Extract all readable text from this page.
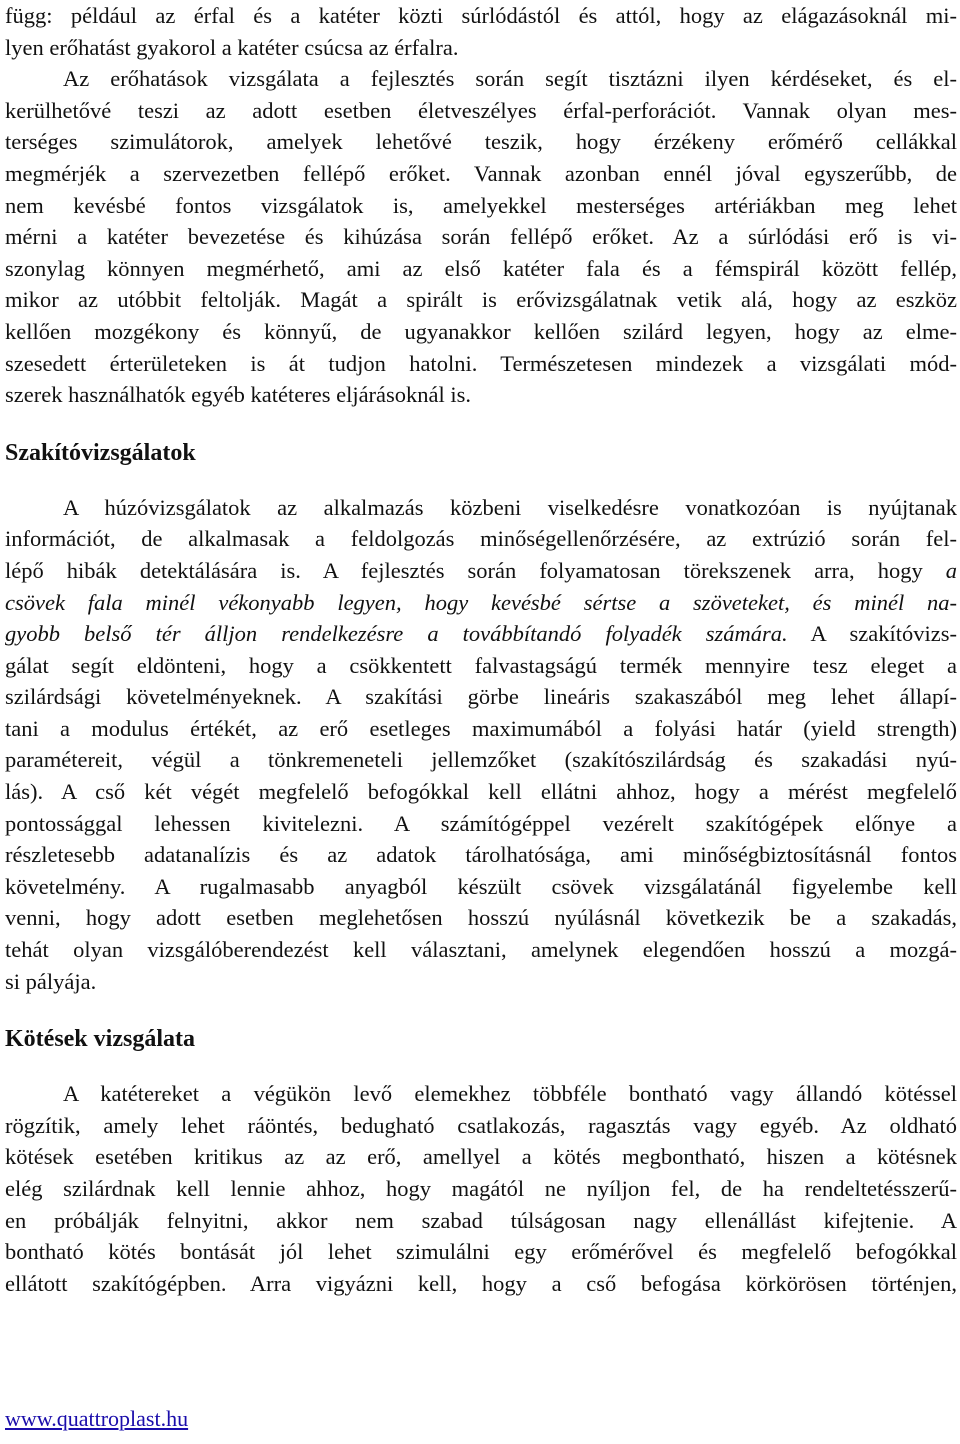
függ: például az érfal és a katéter közti súrlódástól és attól, hogy az elágazásoknál mi-
lyen erőhatást gyakorol a katéter csúcsa az érfalra.
Az erőhatások vizsgálata a fejlesztés során segít tisztázni ilyen kérdéseket, és el-
kerülhetővé teszi az adott esetben életveszélyes érfal-perforációt. Vannak olyan mes-
terséges szimulátorok, amelyek lehetővé teszik, hogy érzékeny erőmérő cellákkal
megmérjék a szervezetben fellépő erőket. Vannak azonban ennél jóval egyszerűbb, de
nem kevésbé fontos vizsgálatok is, amelyekkel mesterséges artériákban meg lehet
mérni a katéter bevezetése és kihúzása során fellépő erőket. Az a súrlódási erő is vi-
szonylag könnyen megmérhető, ami az első katéter fala és a fémspirál között fellép,
mikor az utóbbit feltolják. Magát a spirált is erővizsgálatnak vetik alá, hogy az eszköz
kellően mozgékony és könnyű, de ugyanakkor kellően szilárd legyen, hogy az elme-
szesedett érterületeken is át tudjon hatolni. Természetesen mindezek a vizsgálati mód-
szerek használhatók egyéb katéteres eljárásoknál is.
Szakítóvizsgálatok
A húzóvizsgálatok az alkalmazás közbeni viselkedésre vonatkozóan is nyújtanak
információt, de alkalmasak a feldolgozás minőségellenőrzésére, az extrúzió során fel-
lépő hibák detektálására is. A fejlesztés során folyamatosan törekszenek arra, hogy a
csövek fala minél vékonyabb legyen, hogy kevésbé sértse a szöveteket, és minél na-
gyobb belső tér álljon rendelkezésre a továbbítandó folyadék számára. A szakítóvizs-
gálat segít eldönteni, hogy a csökkentett falvastagságú termék mennyire tesz eleget a
szilárdsági követelményeknek. A szakítási görbe lineáris szakaszából meg lehet állapí-
tani a modulus értékét, az erő esetleges maximumából a folyási határ (yield strength)
paramétereit, végül a tönkremeneteli jellemzőket (szakítószilárdság és szakadási nyú-
lás). A cső két végét megfelelő befogókkal kell ellátni ahhoz, hogy a mérést megfelelő
pontossággal lehessen kivitelezni. A számítógéppel vezérelt szakítógépek előnye a
részletesebb adatanalízis és az adatok tárolhatósága, ami minőségbiztosításnál fontos
követelmény. A rugalmasabb anyagból készült csövek vizsgálatánál figyelembe kell
venni, hogy adott esetben meglehetősen hosszú nyúlásnál következik be a szakadás,
tehát olyan vizsgálóberendezést kell választani, amelynek elegendően hosszú a mozgá-
si pályája.
Kötések vizsgálata
A katétereket a végükön levő elemekhez többféle bontható vagy állandó kötéssel
rögzítik, amely lehet ráöntés, bedugható csatlakozás, ragasztás vagy egyéb. Az oldható
kötések esetében kritikus az az erő, amellyel a kötés megbontható, hiszen a kötésnek
elég szilárdnak kell lennie ahhoz, hogy magától ne nyíljon fel, de ha rendeltetésszerű-
en próbálják felnyitni, akkor nem szabad túlságosan nagy ellenállást kifejtenie. A
bontható kötés bontását jól lehet szimulálni egy erőmérővel és megfelelő befogókkal
ellátott szakítógépben. Arra vigyázni kell, hogy a cső befogása körkörösen történjen,
www.quattroplast.hu
